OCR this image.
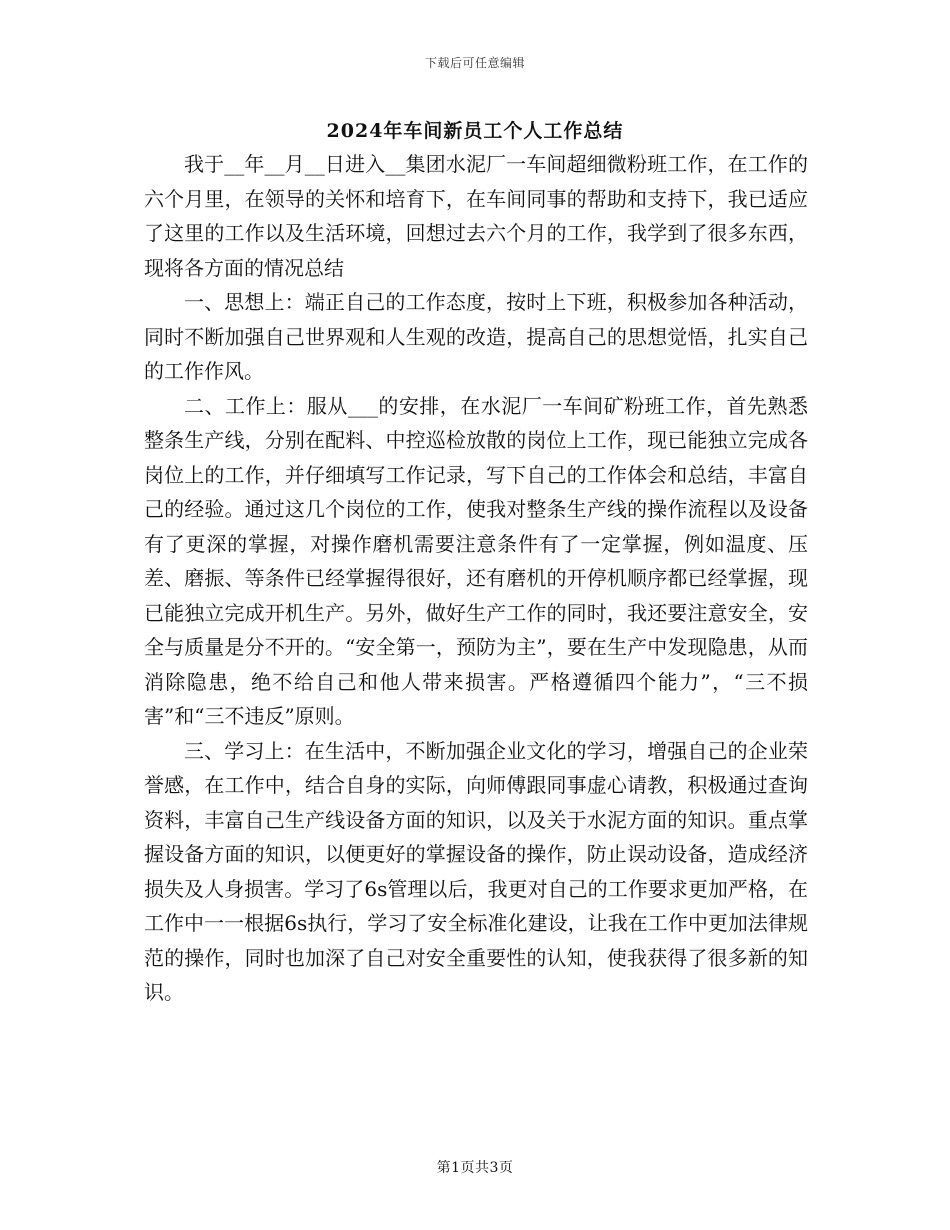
下载后可任意编辑
2024年车间新员工个人工作总结

我于__年__月__日进入__集团水泥厂一车间超细微粉班工作，在工作的六个月里，在领导的关怀和培育下，在车间同事的帮助和支持下，我已适应了这里的工作以及生活环境，回想过去六个月的工作，我学到了很多东西，现将各方面的情况总结

一、思想上：端正自己的工作态度，按时上下班，积极参加各种活动，同时不断加强自己世界观和人生观的改造，提高自己的思想觉悟，扎实自己的工作作风。

二、工作上：服从___的安排，在水泥厂一车间矿粉班工作，首先熟悉整条生产线，分别在配料、中控巡检放散的岗位上工作，现已能独立完成各岗位上的工作，并仔细填写工作记录，写下自己的工作体会和总结，丰富自己的经验。通过这几个岗位的工作，使我对整条生产线的操作流程以及设备有了更深的掌握，对操作磨机需要注意条件有了一定掌握，例如温度、压差、磨振、等条件已经掌握得很好，还有磨机的开停机顺序都已经掌握，现已能独立完成开机生产。另外，做好生产工作的同时，我还要注意安全，安全与质量是分不开的。“安全第一，预防为主”，要在生产中发现隐患，从而消除隐患，绝不给自己和他人带来损害。严格遵循四个能力”，“三不损害”和“三不违反”原则。

三、学习上：在生活中，不断加强企业文化的学习，增强自己的企业荣誉感，在工作中，结合自身的实际，向师傅跟同事虚心请教，积极通过查询资料，丰富自己生产线设备方面的知识，以及关于水泥方面的知识。重点掌握设备方面的知识，以便更好的掌握设备的操作，防止误动设备，造成经济损失及人身损害。学习了6s管理以后，我更对自己的工作要求更加严格，在工作中一一根据6s执行，学习了安全标准化建设，让我在工作中更加法律规范的操作，同时也加深了自己对安全重要性的认知，使我获得了很多新的知识。

第1页共3页
